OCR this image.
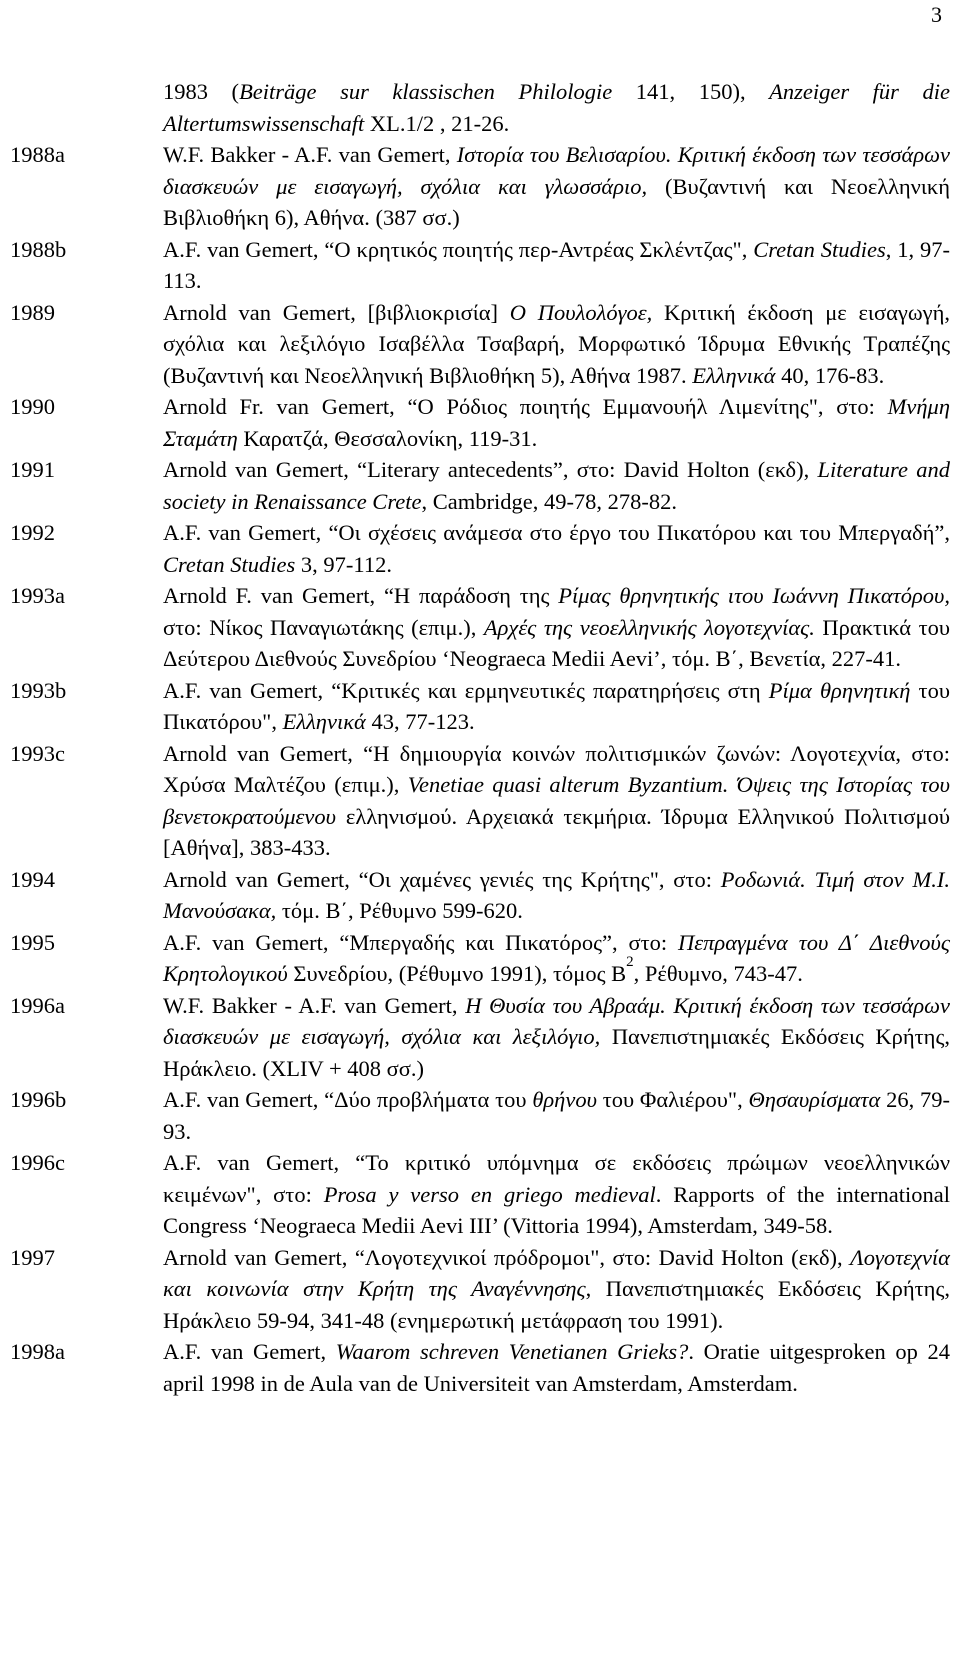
3
1983 (Beiträge sur klassischen Philologie 141, 150), Anzeiger für die Altertumswissenschaft XL.1/2 , 21-26.
1988a	W.F. Bakker - A.F. van Gemert, Ιστορία του Βελισαρίου. Κριτική έκδοση των τεσσάρων διασκευών με εισαγωγή, σχόλια και γλωσσάριο, (Βυζαντινή και Νεοελληνική Βιβλιοθήκη 6), Αθήνα. (387 σσ.)
1988b	A.F. van Gemert, “Ο κρητικός ποιητής περ-Αντρέας Σκλέντζας", Cretan Studies, 1, 97-113.
1989	Arnold van Gemert, [βιβλιοκρισία] Ο Πουλολόγοε, Κριτική έκδοση με εισαγωγή, σχόλια και λεξιλόγιο Ισαβέλλα Τσαβαρή, Μορφωτικό Ίδρυμα Εθνικής Τραπέζης (Βυζαντινή και Νεοελληνική Βιβλιοθήκη 5), Αθήνα 1987. Ελληνικά 40, 176-83.
1990	Arnold Fr. van Gemert, “Ο Ρόδιος ποιητής Εμμανουήλ Λιμενίτης", στο: Μνήμη Σταμάτη Καρατζά, Θεσσαλονίκη, 119-31.
1991	Arnold van Gemert, “Literary antecedents”, στο: David Holton (εκδ), Literature and society in Renaissance Crete, Cambridge, 49-78, 278-82.
1992	A.F. van Gemert, “Οι σχέσεις ανάμεσα στο έργο του Πικατόρου και του Μπεργαδή”, Cretan Studies 3, 97-112.
1993a	Arnold F. van Gemert, “Η παράδοση της Ρίμας θρηνητικής ιτου Ιωάννη Πικατόρου, στο: Νίκος Παναγιωτάκης (επιμ.), Αρχές της νεοελληνικής λογοτεχνίας. Πρακτικά του Δεύτερου Διεθνούς Συνεδρίου ‘Neograeca Medii Aevi’, τόμ. Β΄, Βενετία, 227-41.
1993b	A.F. van Gemert, “Κριτικές και ερμηνευτικές παρατηρήσεις στη Ρίμα θρηνητική του Πικατόρου", Ελληνικά 43, 77-123.
1993c	Arnold van Gemert, “Η δημιουργία κοινών πολιτισμικών ζωνών: Λογοτεχνία, στο: Χρύσα Μαλτέζου (επιμ.), Venetiae quasi alterum Byzantium. Όψεις της Ιστορίας του βενετοκρατούμενου ελληνισμού. Αρχειακά τεκμήρια. Ίδρυμα Ελληνικού Πολιτισμού [Αθήνα], 383-433.
1994	Arnold van Gemert, “Οι χαμένες γενιές της Κρήτης", στο: Ροδωνιά. Τιμή στον Μ.Ι. Μανούσακα, τόμ. Β΄, Ρέθυμνο 599-620.
1995	A.F. van Gemert, “Μπεργαδής και Πικατόρος”, στο: Πεπραγμένα του Δ΄ Διεθνούς Κρητολογικού Συνεδρίου, (Ρέθυμνο 1991), τόμος $B^2$, Ρέθυμνο, 743-47.
1996a	W.F. Bakker - A.F. van Gemert, Η Θυσία του Αβραάμ. Κριτική έκδοση των τεσσάρων διασκευών με εισαγωγή, σχόλια και λεξιλόγιο, Πανεπιστημιακές Εκδόσεις Κρήτης, Ηράκλειο. (XLIV + 408 σσ.)
1996b	A.F. van Gemert, “Δύο προβλήματα του θρήνου του Φαλιέρου", Θησαυρίσματα 26, 79-93.
1996c	A.F. van Gemert, “Το κριτικό υπόμνημα σε εκδόσεις πρώιμων νεοελληνικών κειμένων", στο: Prosa y verso en griego medieval. Rapports of the international Congress ‘Neograeca Medii Aevi III’ (Vittoria 1994), Amsterdam, 349-58.
1997	Arnold van Gemert, “Λογοτεχνικοί πρόδρομοι", στο: David Holton (εκδ), Λογοτεχνία και κοινωνία στην Κρήτη της Αναγέννησης, Πανεπιστημιακές Εκδόσεις Κρήτης, Ηράκλειο 59-94, 341-48 (ενημερωτική μετάφραση του 1991).
1998a	A.F. van Gemert, Waarom schreven Venetianen Grieks?. Oratie uitgesproken op 24 april 1998 in de Aula van de Universiteit van Amsterdam, Amsterdam.
